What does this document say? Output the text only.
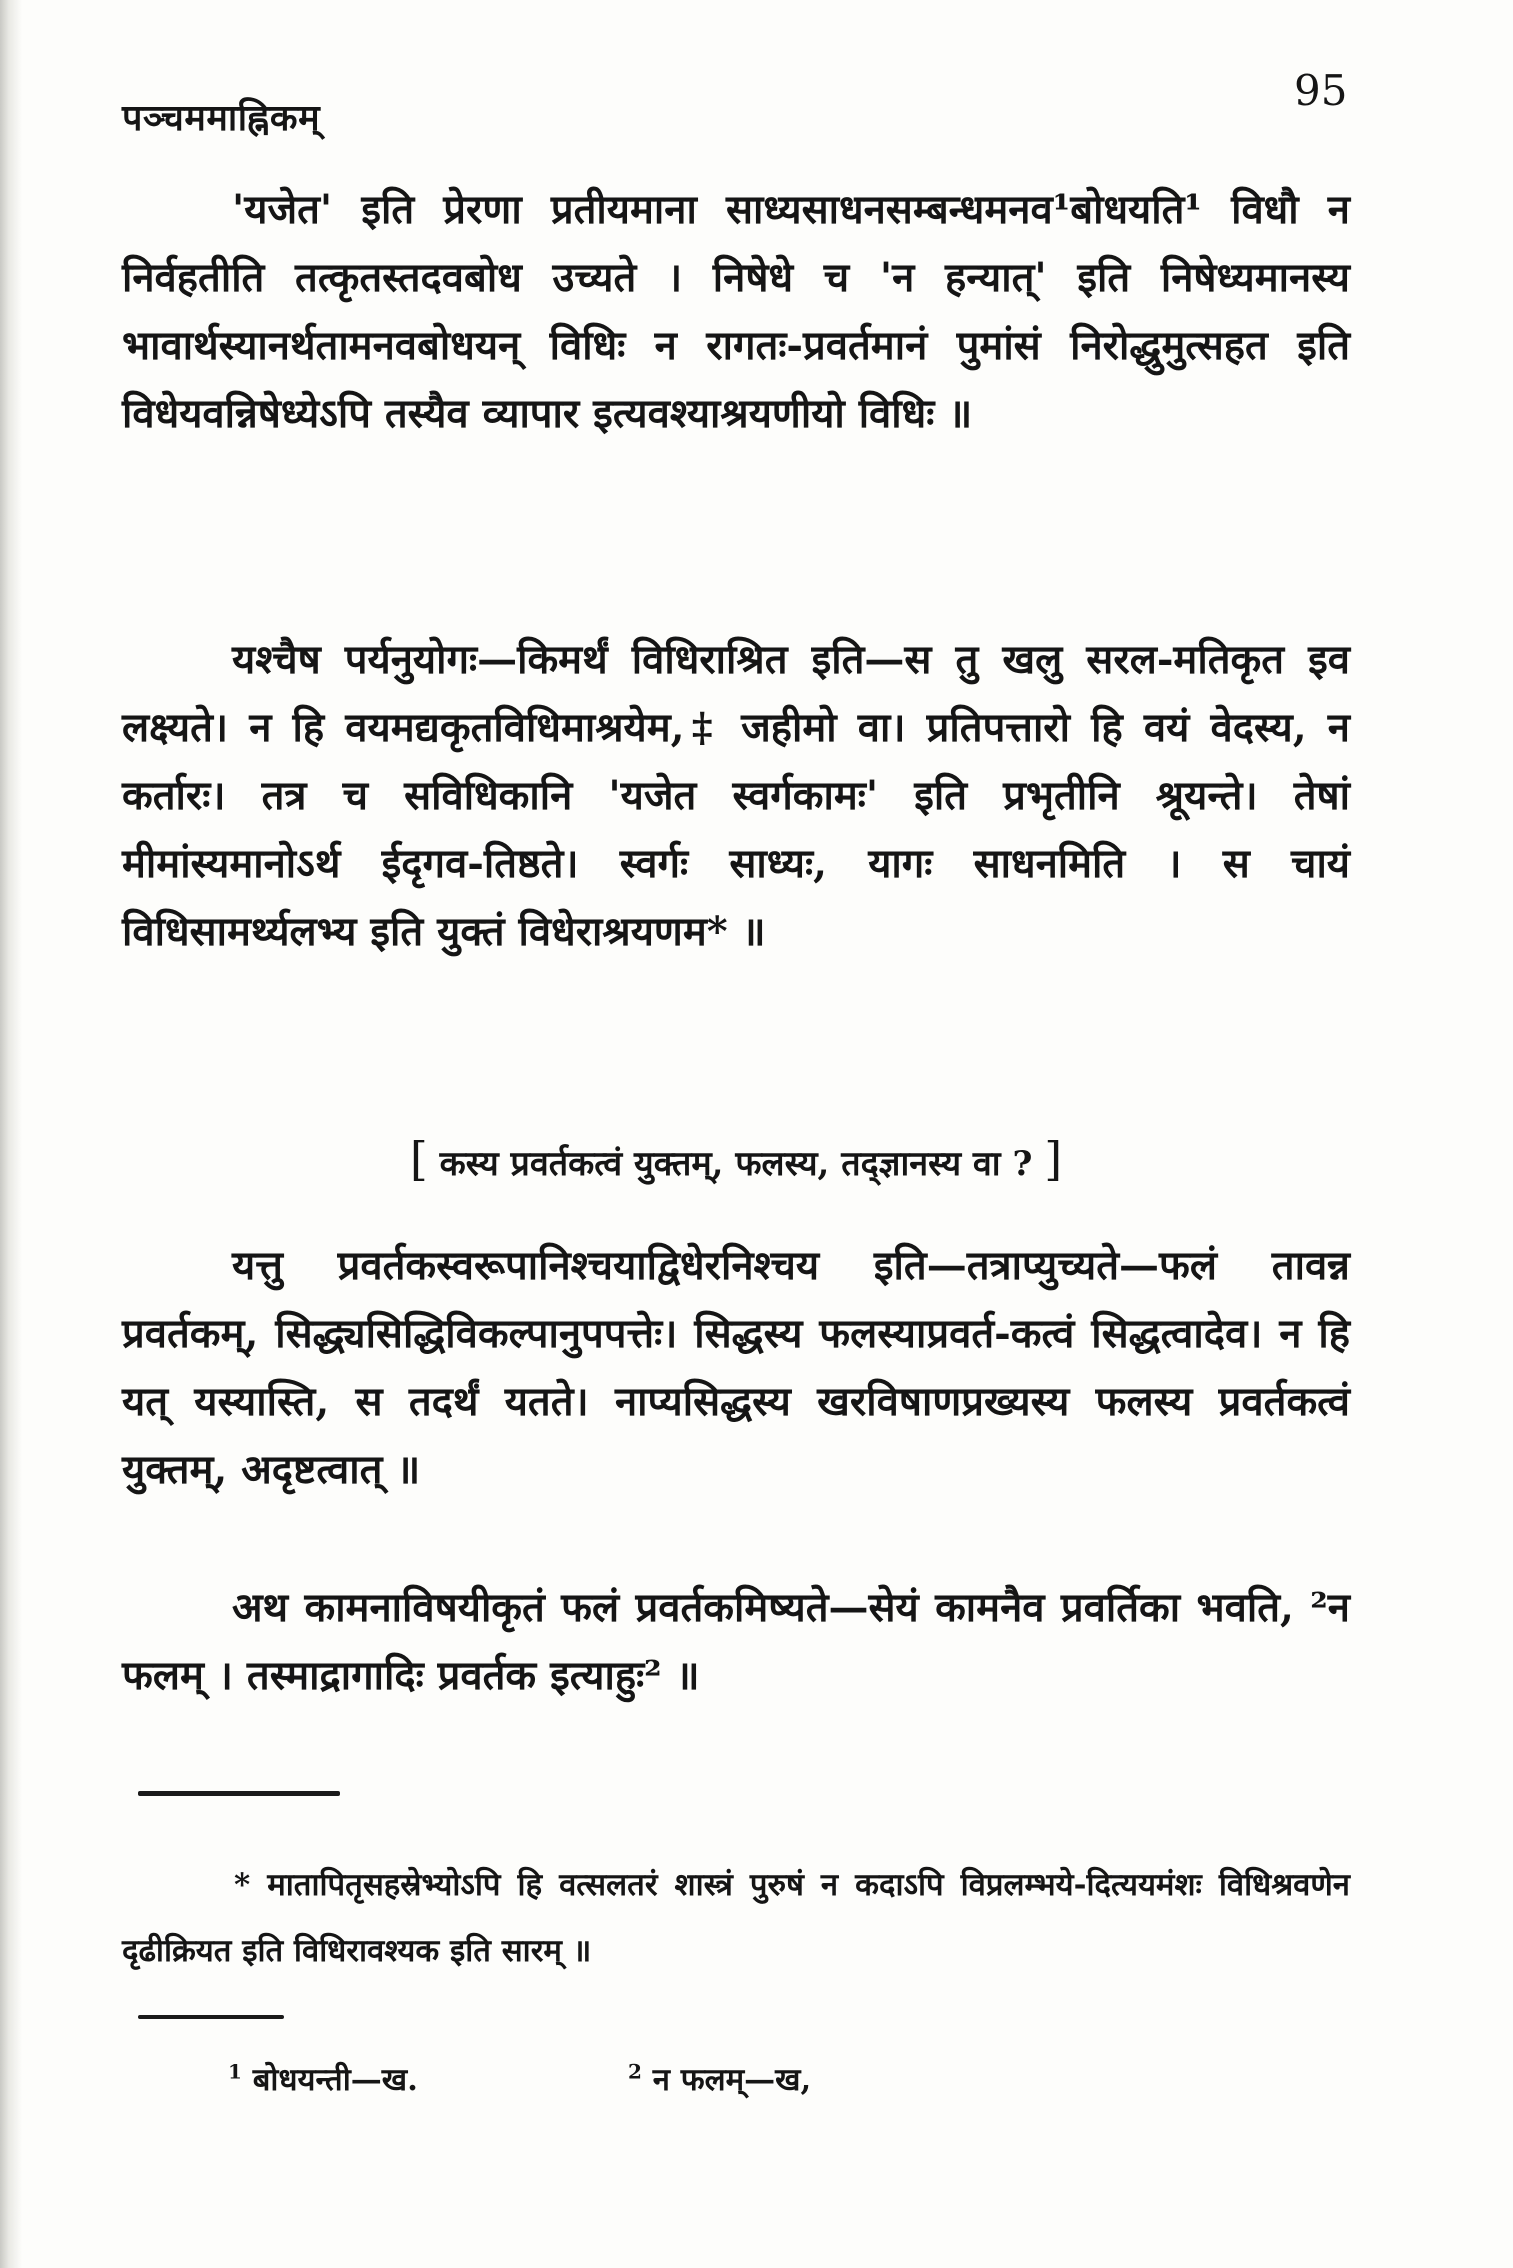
पञ्चममाह्निकम्
95

'यजेत' इति प्रेरणा प्रतीयमाना साध्यसाधनसम्बन्धमनव¹बोधयति¹ विधौ न निर्वहतीति तत्कृतस्तदवबोध उच्यते । निषेधे च 'न हन्यात्' इति निषेध्यमानस्य भावार्थस्यानर्थतामनवबोधयन् विधिः न रागतः-प्रवर्तमानं पुमांसं निरोद्धुमुत्सहत इति विधेयवन्निषेध्येऽपि तस्यैव व्यापार इत्यवश्याश्रयणीयो विधिः ॥

यश्चैष पर्यनुयोगः—किमर्थं विधिराश्रित इति—स तु खलु सरल-मतिकृत इव लक्ष्यते। न हि वयमद्यकृतविधिमाश्रयेम,‡ जहीमो वा। प्रतिपत्तारो हि वयं वेदस्य, न कर्तारः। तत्र च सविधिकानि 'यजेत स्वर्गकामः' इति प्रभृतीनि श्रूयन्ते। तेषां मीमांस्यमानोऽर्थ ईदृगव-तिष्ठते। स्वर्गः साध्यः, यागः साधनमिति । स चायं विधिसामर्थ्यलभ्य इति युक्तं विधेराश्रयणम* ॥

[ कस्य प्रवर्तकत्वं युक्तम्, फलस्य, तद्ज्ञानस्य वा ? ]

यत्तु प्रवर्तकस्वरूपानिश्चयाद्विधेरनिश्चय इति—तत्राप्युच्यते—फलं तावन्न प्रवर्तकम्, सिद्ध्यसिद्धिविकल्पानुपपत्तेः। सिद्धस्य फलस्याप्रवर्त-कत्वं सिद्धत्वादेव। न हि यत् यस्यास्ति, स तदर्थं यतते। नाप्यसिद्धस्य खरविषाणप्रख्यस्य फलस्य प्रवर्तकत्वं युक्तम्, अदृष्टत्वात् ॥

अथ कामनाविषयीकृतं फलं प्रवर्तकमिष्यते—सेयं कामनैव प्रवर्तिका भवति, ²न फलम् । तस्माद्रागादिः प्रवर्तक इत्याहुः² ॥

* मातापितृसहस्रेभ्योऽपि हि वत्सलतरं शास्त्रं पुरुषं न कदाऽपि विप्रलम्भये-दित्ययमंशः विधिश्रवणेन दृढीक्रियत इति विधिरावश्यक इति सारम् ॥

$^1$ बोधयन्ती—ख.	$^2$ न फलम्—ख,
